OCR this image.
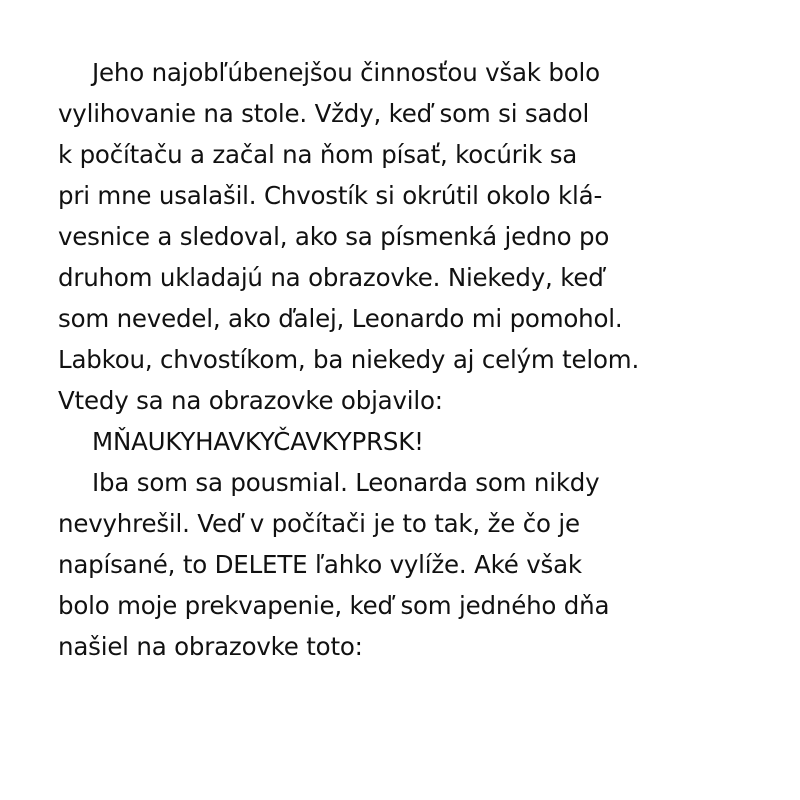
Jeho najobľúbenejšou činnosťou však bolo
vylihovanie na stole. Vždy, keď som si sadol
k počítaču a začal na ňom písať, kocúrik sa
pri mne usalašil. Chvostík si okrútil okolo klá-
vesnice a sledoval, ako sa písmenká jedno po
druhom ukladajú na obrazovke. Niekedy, keď
som nevedel, ako ďalej, Leonardo mi pomohol.
Labkou, chvostíkom, ba niekedy aj celým telom.
Vtedy sa na obrazovke objavilo:
MŇAUKYHAVKYČAVKYPRSK!
Iba som sa pousmial. Leonarda som nikdy
nevyhrešil. Veď v počítači je to tak, že čo je
napísané, to DELETE ľahko vylíže. Aké však
bolo moje prekvapenie, keď som jedného dňa
našiel na obrazovke toto:
